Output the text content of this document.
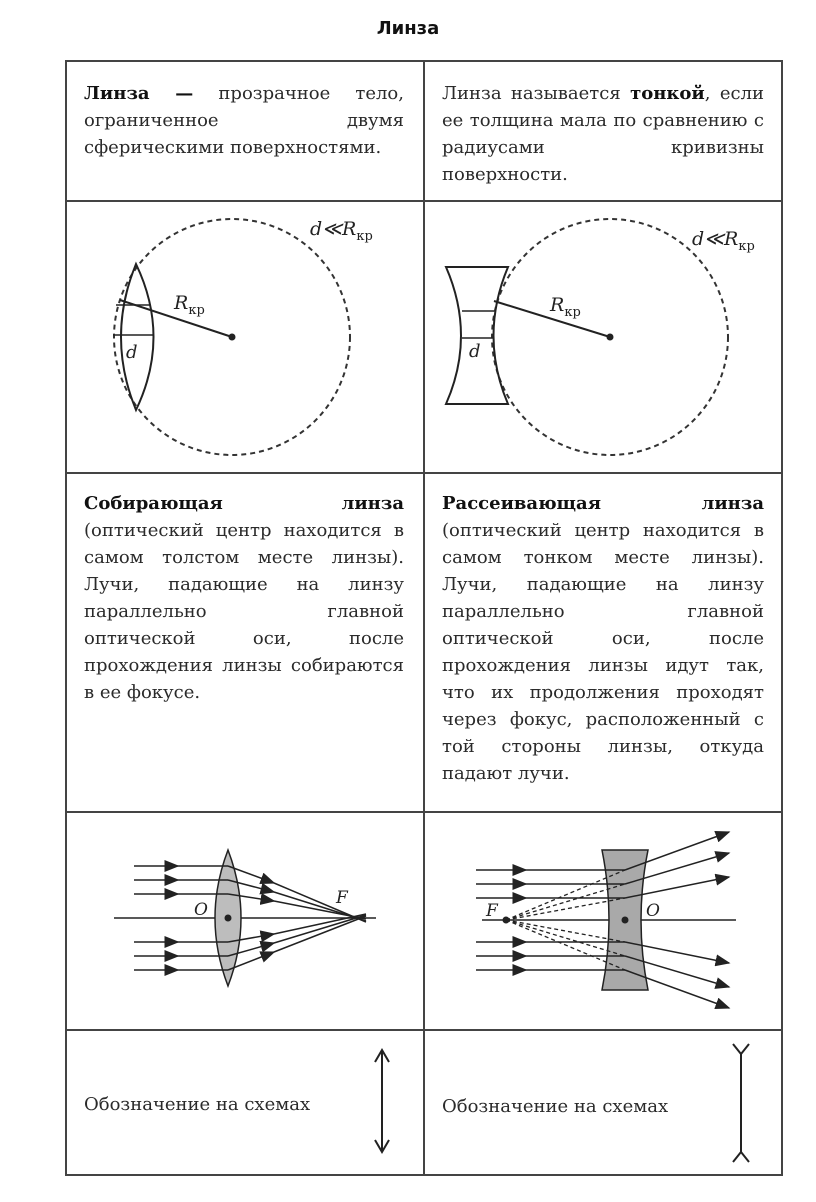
Линза
Линза — прозрачное тело, ограниченное двумя сферическими поверхностями.
Линза называется тонкой, если ее толщина мала по сравнению с радиусами кривизны поверхности.
$R_{кр}$
d
$d≪R_{кр}$
$R_{кр}$
d
$d≪R_{кр}$
Собирающая линза (оптический центр находится в самом толстом месте линзы). Лучи, падающие на линзу параллельно главной оптической оси, после прохождения линзы собираются в ее фокусе.
Рассеивающая линза (оптический центр находится в самом тонком месте линзы). Лучи, падающие на линзу параллельно главной оптической оси, после прохождения линзы идут так, что их продолжения проходят через фокус, расположенный с той стороны линзы, откуда падают лучи.
O
F
F	O
Обозначение на схемах	Обозначение на схемах
